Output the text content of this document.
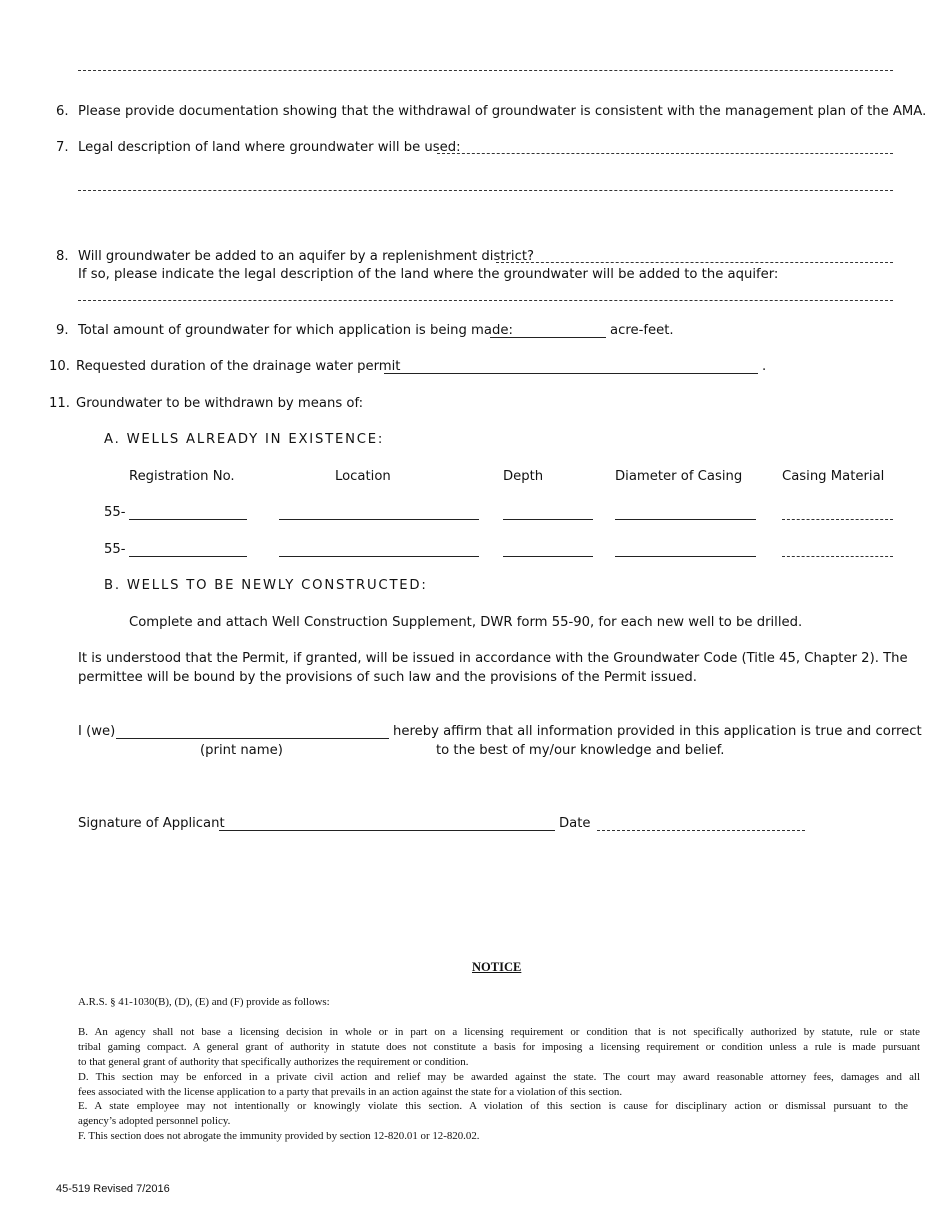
6. Please provide documentation showing that the withdrawal of groundwater is consistent with the management plan of the AMA.
7. Legal description of land where groundwater will be used:
8. Will groundwater be added to an aquifer by a replenishment district?
If so, please indicate the legal description of the land where the groundwater will be added to the aquifer:
9. Total amount of groundwater for which application is being made:	acre-feet.
10. Requested duration of the drainage water permit	.
11. Groundwater to be withdrawn by means of:
A. WELLS ALREADY IN EXISTENCE:
Registration No.	Location	Depth	Diameter of Casing	Casing Material
55-
55-
B. WELLS TO BE NEWLY CONSTRUCTED:
Complete and attach Well Construction Supplement, DWR form 55-90, for each new well to be drilled.
It is understood that the Permit, if granted, will be issued in accordance with the Groundwater Code (Title 45, Chapter 2). The
permittee will be bound by the provisions of such law and the provisions of the Permit issued.
I (we)	hereby affirm that all information provided in this application is true and correct
(print name)	to the best of my/our knowledge and belief.
Signature of Applicant	Date
NOTICE
A.R.S. § 41-1030(B), (D), (E) and (F) provide as follows:
B. An agency shall not base a licensing decision in whole or in part on a licensing requirement or condition that is not specifically authorized by statute, rule or state
tribal gaming compact. A general grant of authority in statute does not constitute a basis for imposing a licensing requirement or condition unless a rule is made pursuant
to that general grant of authority that specifically authorizes the requirement or condition.
D. This section may be enforced in a private civil action and relief may be awarded against the state. The court may award reasonable attorney fees, damages and all
fees associated with the license application to a party that prevails in an action against the state for a violation of this section.
E. A state employee may not intentionally or knowingly violate this section. A violation of this section is cause for disciplinary action or dismissal pursuant to the
agency’s adopted personnel policy.
F. This section does not abrogate the immunity provided by section 12-820.01 or 12-820.02.
45-519 Revised 7/2016
